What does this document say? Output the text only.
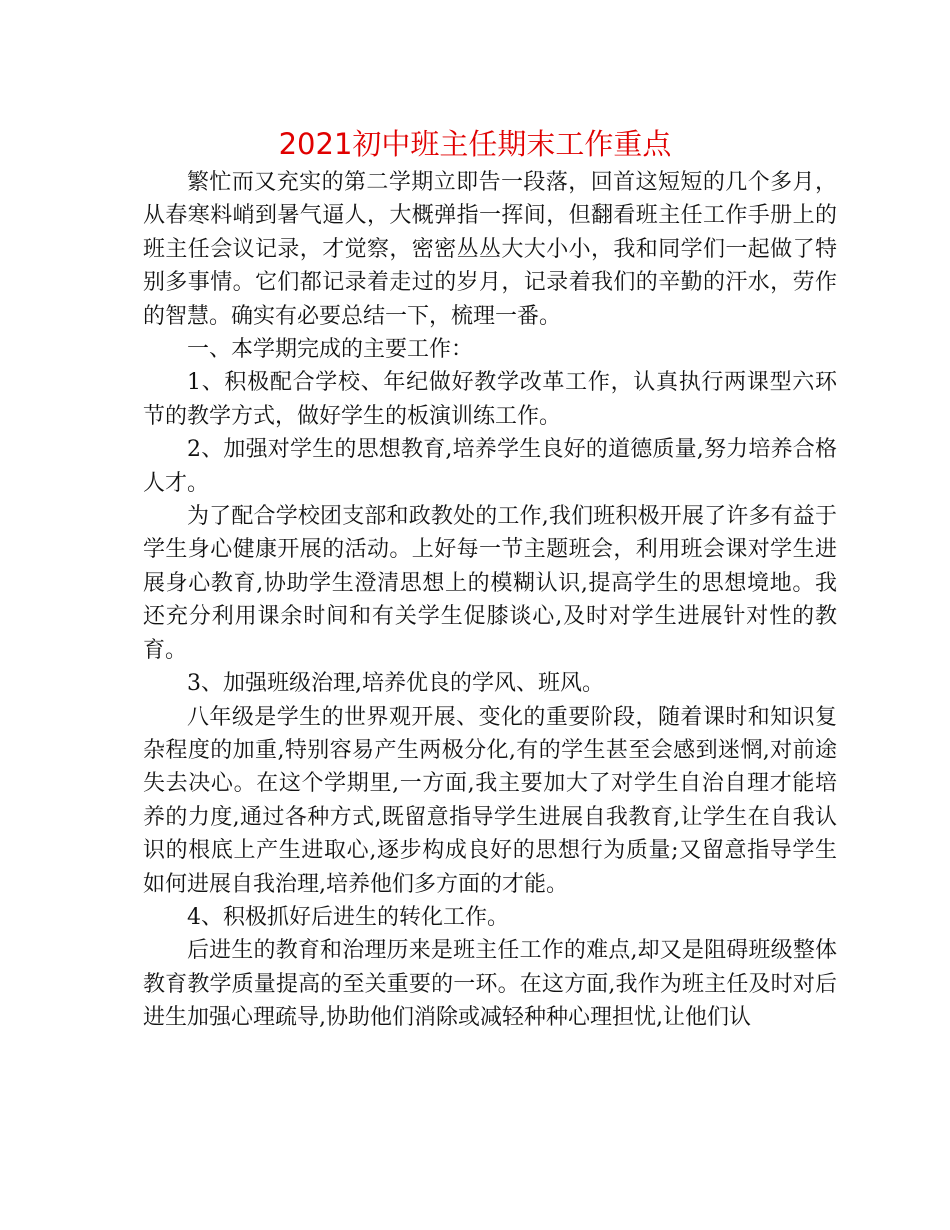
2021初中班主任期末工作重点

繁忙而又充实的第二学期立即告一段落，回首这短短的几个多月，从春寒料峭到暑气逼人，大概弹指一挥间，但翻看班主任工作手册上的班主任会议记录，才觉察，密密丛丛大大小小，我和同学们一起做了特别多事情。它们都记录着走过的岁月，记录着我们的辛勤的汗水，劳作的智慧。确实有必要总结一下，梳理一番。

一、本学期完成的主要工作：

1、积极配合学校、年纪做好教学改革工作，认真执行两课型六环节的教学方式，做好学生的板演训练工作。

2、加强对学生的思想教育,培养学生良好的道德质量,努力培养合格人才。

为了配合学校团支部和政教处的工作,我们班积极开展了许多有益于学生身心健康开展的活动。上好每一节主题班会，利用班会课对学生进展身心教育,协助学生澄清思想上的模糊认识,提高学生的思想境地。我还充分利用课余时间和有关学生促膝谈心,及时对学生进展针对性的教育。

3、加强班级治理,培养优良的学风、班风。

八年级是学生的世界观开展、变化的重要阶段，随着课时和知识复杂程度的加重,特别容易产生两极分化,有的学生甚至会感到迷惘,对前途失去决心。在这个学期里,一方面,我主要加大了对学生自治自理才能培养的力度,通过各种方式,既留意指导学生进展自我教育,让学生在自我认识的根底上产生进取心,逐步构成良好的思想行为质量;又留意指导学生如何进展自我治理,培养他们多方面的才能。

4、积极抓好后进生的转化工作。

后进生的教育和治理历来是班主任工作的难点,却又是阻碍班级整体教育教学质量提高的至关重要的一环。在这方面,我作为班主任及时对后进生加强心理疏导,协助他们消除或减轻种种心理担忧,让他们认
